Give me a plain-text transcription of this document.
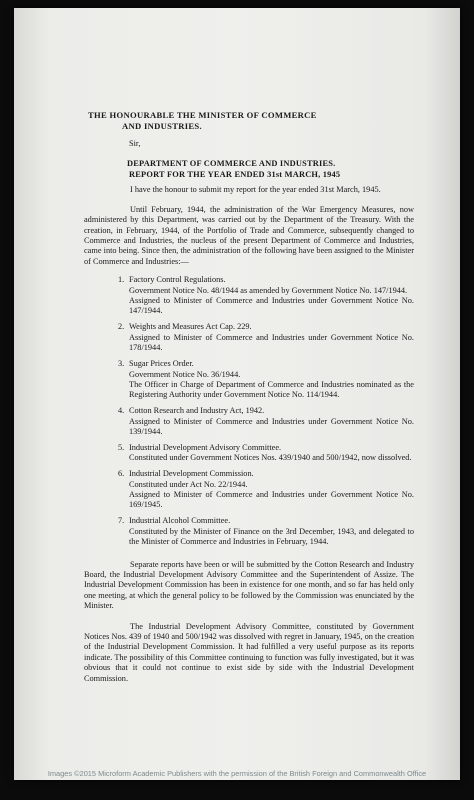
THE HONOURABLE THE MINISTER OF COMMERCE
AND INDUSTRIES.
Sir,
DEPARTMENT OF COMMERCE AND INDUSTRIES.
REPORT FOR THE YEAR ENDED 31st MARCH, 1945

I have the honour to submit my report for the year ended 31st March, 1945.

Until February, 1944, the administration of the War Emergency Measures, now administered by this Department, was carried out by the Department of the Treasury. With the creation, in February, 1944, of the Portfolio of Trade and Commerce, subsequently changed to Commerce and Industries, the nucleus of the present Department of Commerce and Industries, came into being. Since then, the administration of the following have been assigned to the Minister of Commerce and Industries:—

1. Factory Control Regulations.
Government Notice No. 48/1944 as amended by Government Notice No. 147/1944.
Assigned to Minister of Commerce and Industries under Government Notice No. 147/1944.
2. Weights and Measures Act Cap. 229.
Assigned to Minister of Commerce and Industries under Government Notice No. 178/1944.
3. Sugar Prices Order.
Government Notice No. 36/1944.
The Officer in Charge of Department of Commerce and Industries nominated as the Registering Authority under Government Notice No. 114/1944.
4. Cotton Research and Industry Act, 1942.
Assigned to Minister of Commerce and Industries under Government Notice No. 139/1944.
5. Industrial Development Advisory Committee.
Constituted under Government Notices Nos. 439/1940 and 500/1942, now dissolved.
6. Industrial Development Commission.
Constituted under Act No. 22/1944.
Assigned to Minister of Commerce and Industries under Government Notice No. 169/1945.
7. Industrial Alcohol Committee.
Constituted by the Minister of Finance on the 3rd December, 1943, and delegated to the Minister of Commerce and Industries in February, 1944.

Separate reports have been or will be submitted by the Cotton Research and Industry Board, the Industrial Development Advisory Committee and the Superintendent of Assize. The Industrial Development Commission has been in existence for one month, and so far has held only one meeting, at which the general policy to be followed by the Commission was enunciated by the Minister.

The Industrial Development Advisory Committee, constituted by Government Notices Nos. 439 of 1940 and 500/1942 was dissolved with regret in January, 1945, on the creation of the Industrial Development Commission. It had fulfilled a very useful purpose as its reports indicate. The possibility of this Committee continuing to function was fully investigated, but it was obvious that it could not continue to exist side by side with the Industrial Development Commission.

Images ©2015 Microform Academic Publishers with the permission of the British Foreign and Commonwealth Office
